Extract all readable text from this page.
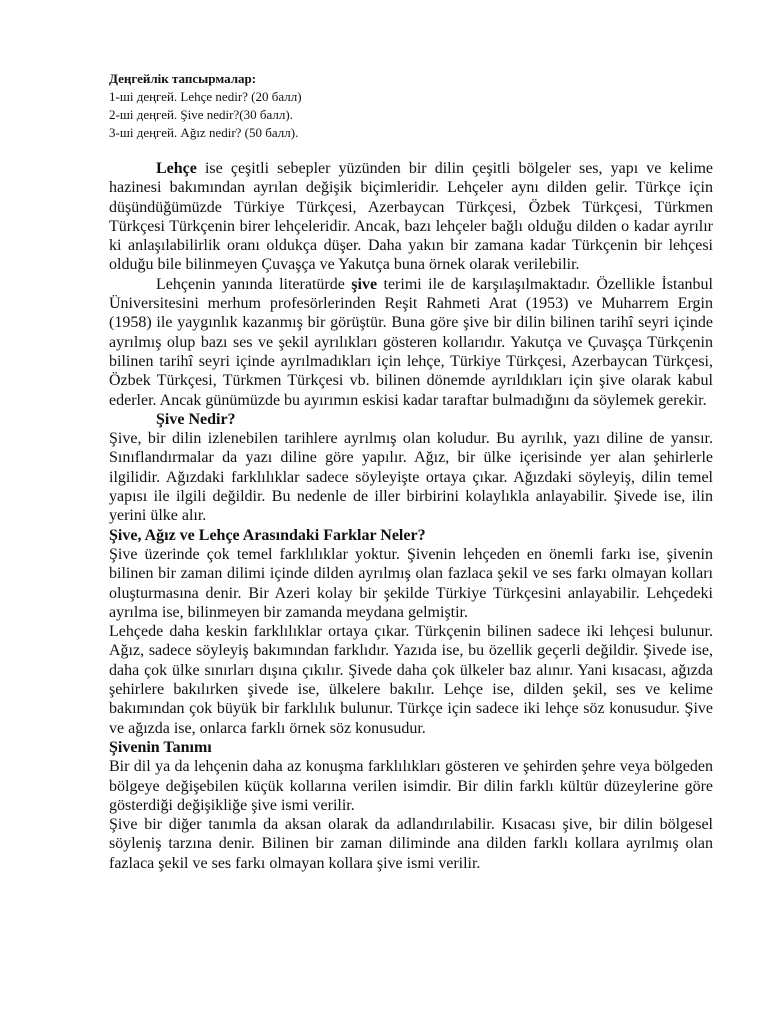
Деңгейлік тапсырмалар:
1-ші деңгей. Lehçe nedir? (20 балл)
2-ші деңгей. Şive nedir?(30 балл).
3-ші деңгей. Ağız nedir? (50 балл).

Lehçe ise çeşitli sebepler yüzünden bir dilin çeşitli bölgeler ses, yapı ve kelime hazinesi bakımından ayrılan değişik biçimleridir. Lehçeler aynı dilden gelir. Türkçe için düşündüğümüzde Türkiye Türkçesi, Azerbaycan Türkçesi, Özbek Türkçesi, Türkmen Türkçesi Türkçenin birer lehçeleridir. Ancak, bazı lehçeler bağlı olduğu dilden o kadar ayrılır ki anlaşılabilirlik oranı oldukça düşer. Daha yakın bir zamana kadar Türkçenin bir lehçesi olduğu bile bilinmeyen Çuvaşça ve Yakutça buna örnek olarak verilebilir.

Lehçenin yanında literatürde şive terimi ile de karşılaşılmaktadır. Özellikle İstanbul Üniversitesini merhum profesörlerinden Reşit Rahmeti Arat (1953) ve Muharrem Ergin (1958) ile yaygınlık kazanmış bir görüştür. Buna göre şive bir dilin bilinen tarihî seyri içinde ayrılmış olup bazı ses ve şekil ayrılıkları gösteren kollarıdır. Yakutça ve Çuvaşça Türkçenin bilinen tarihî seyri içinde ayrılmadıkları için lehçe, Türkiye Türkçesi, Azerbaycan Türkçesi, Özbek Türkçesi, Türkmen Türkçesi vb. bilinen dönemde ayrıldıkları için şive olarak kabul ederler. Ancak günümüzde bu ayırımın eskisi kadar taraftar bulmadığını da söylemek gerekir.

Şive Nedir?

Şive, bir dilin izlenebilen tarihlere ayrılmış olan koludur. Bu ayrılık, yazı diline de yansır. Sınıflandırmalar da yazı diline göre yapılır. Ağız, bir ülke içerisinde yer alan şehirlerle ilgilidir. Ağızdaki farklılıklar sadece söyleyişte ortaya çıkar. Ağızdaki söyleyiş, dilin temel yapısı ile ilgili değildir. Bu nedenle de iller birbirini kolaylıkla anlayabilir. Şivede ise, ilin yerini ülke alır.

Şive, Ağız ve Lehçe Arasındaki Farklar Neler?

Şive üzerinde çok temel farklılıklar yoktur. Şivenin lehçeden en önemli farkı ise, şivenin bilinen bir zaman dilimi içinde dilden ayrılmış olan fazlaca şekil ve ses farkı olmayan kolları oluşturmasına denir. Bir Azeri kolay bir şekilde Türkiye Türkçesini anlayabilir. Lehçedeki ayrılma ise, bilinmeyen bir zamanda meydana gelmiştir.

Lehçede daha keskin farklılıklar ortaya çıkar. Türkçenin bilinen sadece iki lehçesi bulunur. Ağız, sadece söyleyiş bakımından farklıdır. Yazıda ise, bu özellik geçerli değildir. Şivede ise, daha çok ülke sınırları dışına çıkılır. Şivede daha çok ülkeler baz alınır. Yani kısacası, ağızda şehirlere bakılırken şivede ise, ülkelere bakılır. Lehçe ise, dilden şekil, ses ve kelime bakımından çok büyük bir farklılık bulunur. Türkçe için sadece iki lehçe söz konusudur. Şive ve ağızda ise, onlarca farklı örnek söz konusudur.

Şivenin Tanımı

Bir dil ya da lehçenin daha az konuşma farklılıkları gösteren ve şehirden şehre veya bölgeden bölgeye değişebilen küçük kollarına verilen isimdir. Bir dilin farklı kültür düzeylerine göre gösterdiği değişikliğe şive ismi verilir.

Şive bir diğer tanımla da aksan olarak da adlandırılabilir. Kısacası şive, bir dilin bölgesel söyleniş tarzına denir. Bilinen bir zaman diliminde ana dilden farklı kollara ayrılmış olan fazlaca şekil ve ses farkı olmayan kollara şive ismi verilir.
